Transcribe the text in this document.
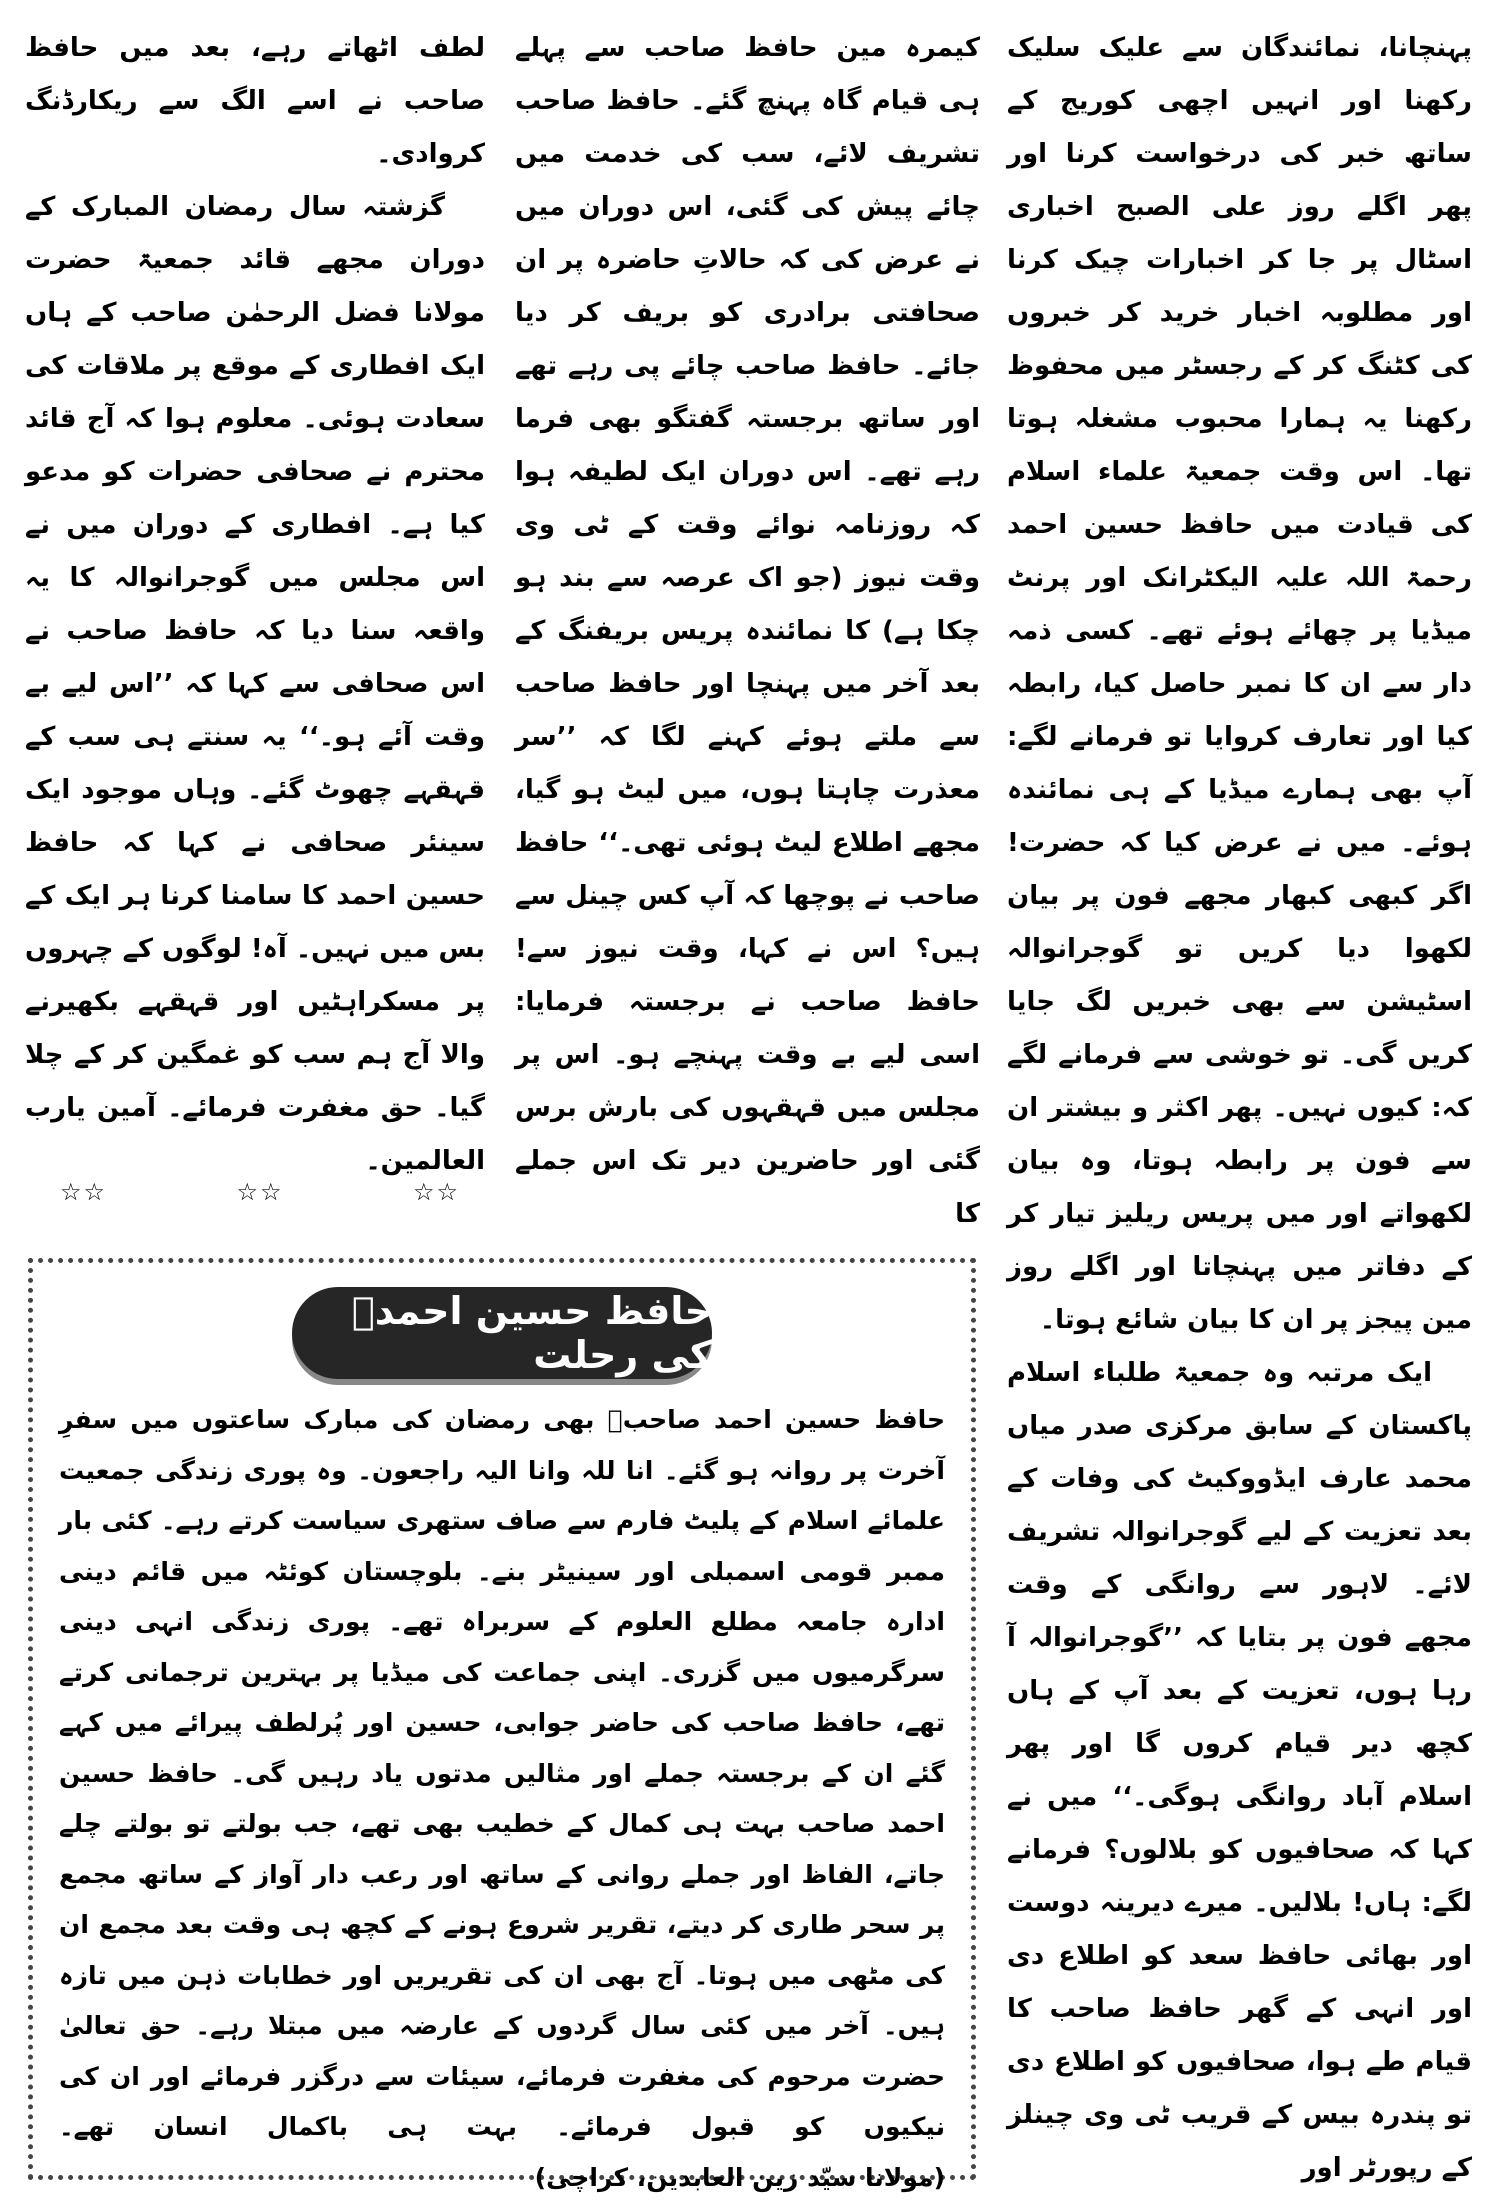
پہنچانا، نمائندگان سے علیک سلیک رکھنا اور انہیں اچھی کوریج کے ساتھ خبر کی درخواست کرنا اور پھر اگلے روز علی الصبح اخباری اسٹال پر جا کر اخبارات چیک کرنا اور مطلوبہ اخبار خرید کر خبروں کی کٹنگ کر کے رجسٹر میں محفوظ رکھنا یہ ہمارا محبوب مشغلہ ہوتا تھا۔ اس وقت جمعیۃ علماء اسلام کی قیادت میں حافظ حسین احمد رحمۃ اللہ علیہ الیکٹرانک اور پرنٹ میڈیا پر چھائے ہوئے تھے۔ کسی ذمہ دار سے ان کا نمبر حاصل کیا، رابطہ کیا اور تعارف کروایا تو فرمانے لگے: آپ بھی ہمارے میڈیا کے ہی نمائندہ ہوئے۔ میں نے عرض کیا کہ حضرت! اگر کبھی کبھار مجھے فون پر بیان لکھوا دیا کریں تو گوجرانوالہ اسٹیشن سے بھی خبریں لگ جایا کریں گی۔ تو خوشی سے فرمانے لگے کہ: کیوں نہیں۔ پھر اکثر و بیشتر ان سے فون پر رابطہ ہوتا، وہ بیان لکھواتے اور میں پریس ریلیز تیار کر کے دفاتر میں پہنچاتا اور اگلے روز مین پیجز پر ان کا بیان شائع ہوتا۔

ایک مرتبہ وہ جمعیۃ طلباء اسلام پاکستان کے سابق مرکزی صدر میاں محمد عارف ایڈووکیٹ کی وفات کے بعد تعزیت کے لیے گوجرانوالہ تشریف لائے۔ لاہور سے روانگی کے وقت مجھے فون پر بتایا کہ ’’گوجرانوالہ آ رہا ہوں، تعزیت کے بعد آپ کے ہاں کچھ دیر قیام کروں گا اور پھر اسلام آباد روانگی ہوگی۔‘‘ میں نے کہا کہ صحافیوں کو بلالوں؟ فرمانے لگے: ہاں! بلالیں۔ میرے دیرینہ دوست اور بھائی حافظ سعد کو اطلاع دی اور انہی کے گھر حافظ صاحب کا قیام طے ہوا، صحافیوں کو اطلاع دی تو پندرہ بیس کے قریب ٹی وی چینلز کے رپورٹر اور

کیمرہ مین حافظ صاحب سے پہلے ہی قیام گاہ پہنچ گئے۔ حافظ صاحب تشریف لائے، سب کی خدمت میں چائے پیش کی گئی، اس دوران میں نے عرض کی کہ حالاتِ حاضرہ پر ان صحافتی برادری کو بریف کر دیا جائے۔ حافظ صاحب چائے پی رہے تھے اور ساتھ برجستہ گفتگو بھی فرما رہے تھے۔ اس دوران ایک لطیفہ ہوا کہ روزنامہ نوائے وقت کے ٹی وی وقت نیوز (جو اک عرصہ سے بند ہو چکا ہے) کا نمائندہ پریس بریفنگ کے بعد آخر میں پہنچا اور حافظ صاحب سے ملتے ہوئے کہنے لگا کہ ’’سر معذرت چاہتا ہوں، میں لیٹ ہو گیا، مجھے اطلاع لیٹ ہوئی تھی۔‘‘ حافظ صاحب نے پوچھا کہ آپ کس چینل سے ہیں؟ اس نے کہا، وقت نیوز سے! حافظ صاحب نے برجستہ فرمایا: اسی لیے بے وقت پہنچے ہو۔ اس پر مجلس میں قہقہوں کی بارش برس گئی اور حاضرین دیر تک اس جملے کا

لطف اٹھاتے رہے، بعد میں حافظ صاحب نے اسے الگ سے ریکارڈنگ کروادی۔

گزشتہ سال رمضان المبارک کے دوران مجھے قائد جمعیۃ حضرت مولانا فضل الرحمٰن صاحب کے ہاں ایک افطاری کے موقع پر ملاقات کی سعادت ہوئی۔ معلوم ہوا کہ آج قائد محترم نے صحافی حضرات کو مدعو کیا ہے۔ افطاری کے دوران میں نے اس مجلس میں گوجرانوالہ کا یہ واقعہ سنا دیا کہ حافظ صاحب نے اس صحافی سے کہا کہ ’’اس لیے بے وقت آئے ہو۔‘‘ یہ سنتے ہی سب کے قہقہے چھوٹ گئے۔ وہاں موجود ایک سینئر صحافی نے کہا کہ حافظ حسین احمد کا سامنا کرنا ہر ایک کے بس میں نہیں۔ آہ! لوگوں کے چہروں پر مسکراہٹیں اور قہقہے بکھیرنے والا آج ہم سب کو غمگین کر کے چلا گیا۔ حق مغفرت فرمائے۔ آمین یارب العالمین۔

☆☆	☆☆	☆☆
حافظ حسین احمدؒ کی رحلت
حافظ حسین احمد صاحبؒ بھی رمضان کی مبارک ساعتوں میں سفرِ آخرت پر روانہ ہو گئے۔ انا للہ وانا الیہ راجعون۔ وہ پوری زندگی جمعیت علمائے اسلام کے پلیٹ فارم سے صاف ستھری سیاست کرتے رہے۔ کئی بار ممبر قومی اسمبلی اور سینیٹر بنے۔ بلوچستان کوئٹہ میں قائم دینی ادارہ جامعہ مطلع العلوم کے سربراہ تھے۔ پوری زندگی انہی دینی سرگرمیوں میں گزری۔ اپنی جماعت کی میڈیا پر بہترین ترجمانی کرتے تھے، حافظ صاحب کی حاضر جوابی، حسین اور پُرلطف پیرائے میں کہے گئے ان کے برجستہ جملے اور مثالیں مدتوں یاد رہیں گی۔ حافظ حسین احمد صاحب بہت ہی کمال کے خطیب بھی تھے، جب بولتے تو بولتے چلے جاتے، الفاظ اور جملے روانی کے ساتھ اور رعب دار آواز کے ساتھ مجمع پر سحر طاری کر دیتے، تقریر شروع ہونے کے کچھ ہی وقت بعد مجمع ان کی مٹھی میں ہوتا۔ آج بھی ان کی تقریریں اور خطابات ذہن میں تازہ ہیں۔ آخر میں کئی سال گردوں کے عارضہ میں مبتلا رہے۔ حق تعالیٰ حضرت مرحوم کی مغفرت فرمائے، سیئات سے درگزر فرمائے اور ان کی نیکیوں کو قبول فرمائے۔ بہت ہی باکمال انسان تھے۔ (مولانا سیّد زین العابدین، کراچی)
